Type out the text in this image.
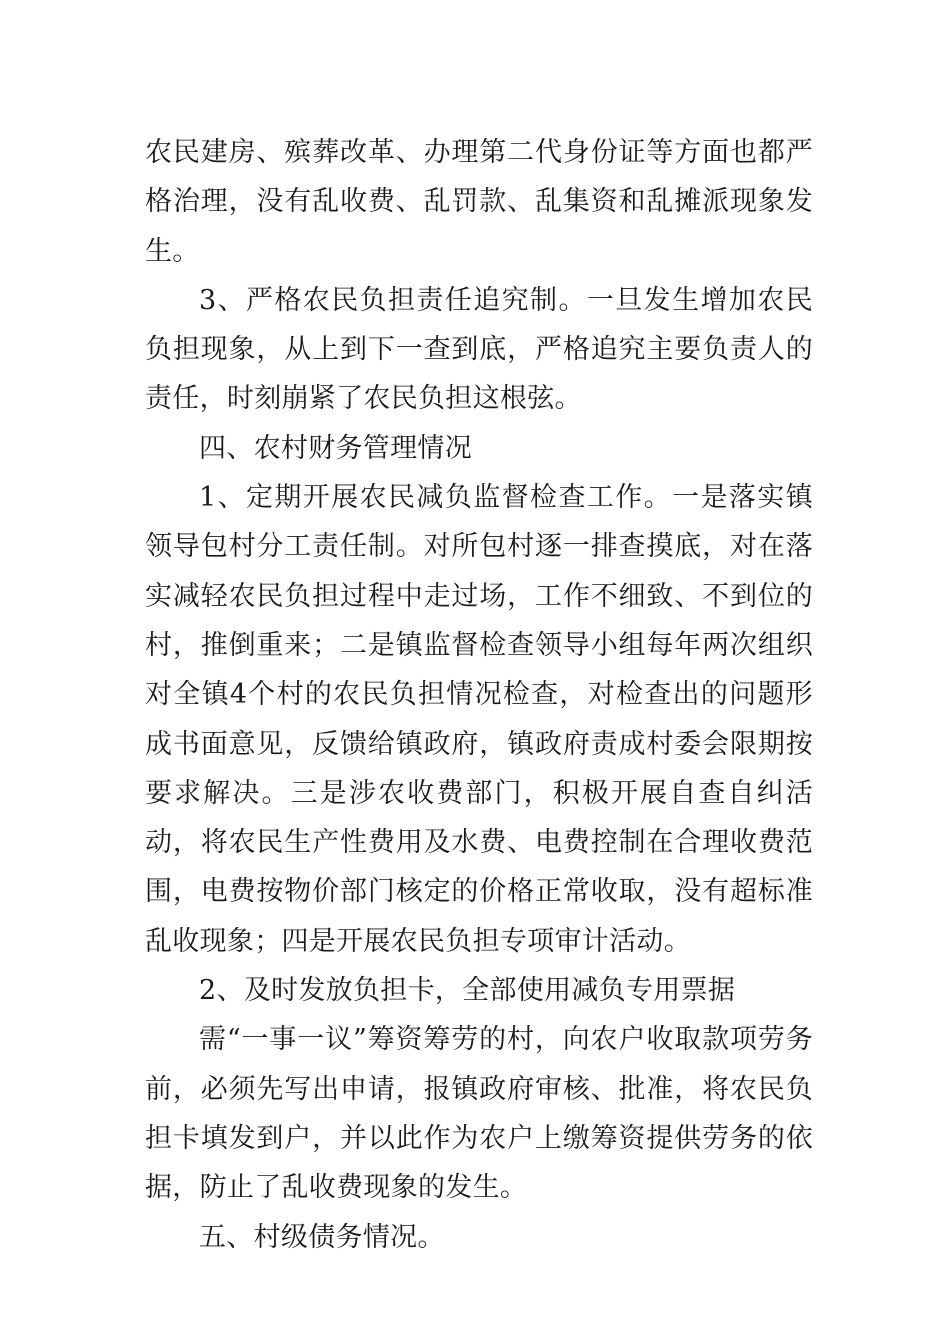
农民建房、殡葬改革、办理第二代身份证等方面也都严格治理，没有乱收费、乱罚款、乱集资和乱摊派现象发生。

3、严格农民负担责任追究制。一旦发生增加农民负担现象，从上到下一查到底，严格追究主要负责人的责任，时刻崩紧了农民负担这根弦。

四、农村财务管理情况

1、定期开展农民减负监督检查工作。一是落实镇领导包村分工责任制。对所包村逐一排查摸底，对在落实减轻农民负担过程中走过场，工作不细致、不到位的村，推倒重来；二是镇监督检查领导小组每年两次组织对全镇4个村的农民负担情况检查，对检查出的问题形成书面意见，反馈给镇政府，镇政府责成村委会限期按要求解决。三是涉农收费部门，积极开展自查自纠活动，将农民生产性费用及水费、电费控制在合理收费范围，电费按物价部门核定的价格正常收取，没有超标准乱收现象；四是开展农民负担专项审计活动。

2、及时发放负担卡，全部使用减负专用票据

需“一事一议”筹资筹劳的村，向农户收取款项劳务前，必须先写出申请，报镇政府审核、批准，将农民负担卡填发到户，并以此作为农户上缴筹资提供劳务的依据，防止了乱收费现象的发生。

五、村级债务情况。
